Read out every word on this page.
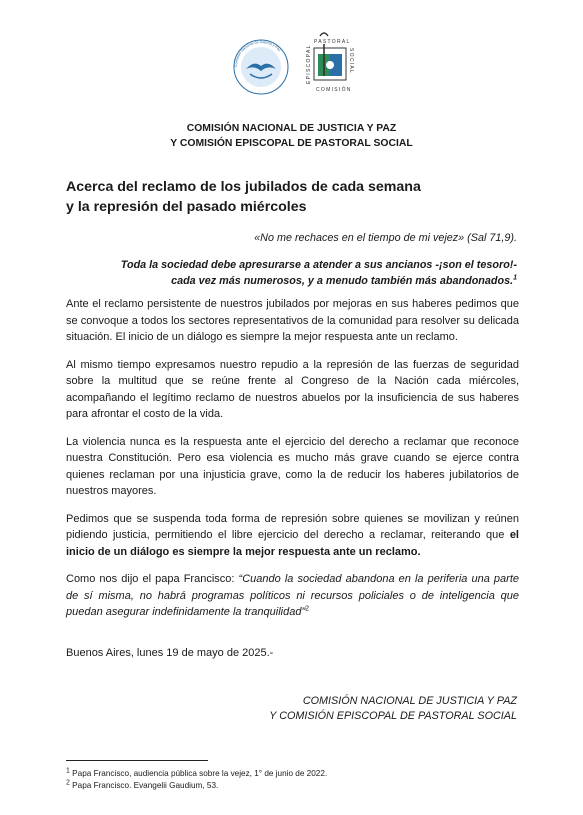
Comisión Nacional de Justicia y Paz
PASTORAL
EPISCOPAL	SOCIAL
COMISIÓN
COMISIÓN NACIONAL DE JUSTICIA Y PAZ
Y COMISIÓN EPISCOPAL DE PASTORAL SOCIAL
Acerca del reclamo de los jubilados de cada semana
y la represión del pasado miércoles
«No me rechaces en el tiempo de mi vejez» (Sal 71,9).
Toda la sociedad debe apresurarse a atender a sus ancianos -¡son el tesoro!-
cada vez más numerosos, y a menudo también más abandonados.$^1$

Ante el reclamo persistente de nuestros jubilados por mejoras en sus haberes pedimos que se convoque a todos los sectores representativos de la comunidad para resolver su delicada situación. El inicio de un diálogo es siempre la mejor respuesta ante un reclamo.

Al mismo tiempo expresamos nuestro repudio a la represión de las fuerzas de seguridad sobre la multitud que se reúne frente al Congreso de la Nación cada miércoles, acompañando el legítimo reclamo de nuestros abuelos por la insuficiencia de sus haberes para afrontar el costo de la vida.

La violencia nunca es la respuesta ante el ejercicio del derecho a reclamar que reconoce nuestra Constitución. Pero esa violencia es mucho más grave cuando se ejerce contra quienes reclaman por una injusticia grave, como la de reducir los haberes jubilatorios de nuestros mayores.

Pedimos que se suspenda toda forma de represión sobre quienes se movilizan y reúnen pidiendo justicia, permitiendo el libre ejercicio del derecho a reclamar, reiterando que el inicio de un diálogo es siempre la mejor respuesta ante un reclamo.

Como nos dijo el papa Francisco: “Cuando la sociedad abandona en la periferia una parte de sí misma, no habrá programas políticos ni recursos policiales o de inteligencia que puedan asegurar indefinidamente la tranquilidad”$^2$

Buenos Aires, lunes 19 de mayo de 2025.-
COMISIÓN NACIONAL DE JUSTICIA Y PAZ
Y COMISIÓN EPISCOPAL DE PASTORAL SOCIAL
$^1$ Papa Francisco, audiencia pública sobre la vejez, 1° de junio de 2022.
$^2$ Papa Francisco. Evangelii Gaudium, 53.
